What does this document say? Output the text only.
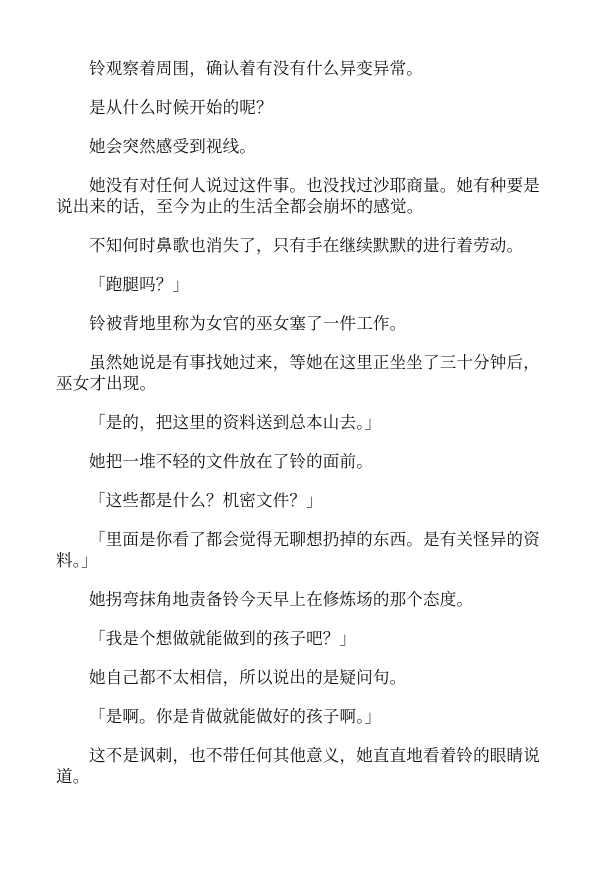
铃观察着周围，确认着有没有什么异变异常。

是从什么时候开始的呢？

她会突然感受到视线。

她没有对任何人说过这件事。也没找过沙耶商量。她有种要是说出来的话，至今为止的生活全都会崩坏的感觉。

不知何时鼻歌也消失了，只有手在继续默默的进行着劳动。

「跑腿吗？」

铃被背地里称为女官的巫女塞了一件工作。

虽然她说是有事找她过来，等她在这里正坐坐了三十分钟后，巫女才出现。

「是的，把这里的资料送到总本山去。」

她把一堆不轻的文件放在了铃的面前。

「这些都是什么？机密文件？」

「里面是你看了都会觉得无聊想扔掉的东西。是有关怪异的资料。」

她拐弯抹角地责备铃今天早上在修炼场的那个态度。

「我是个想做就能做到的孩子吧？」

她自己都不太相信，所以说出的是疑问句。

「是啊。你是肯做就能做好的孩子啊。」

这不是讽刺，也不带任何其他意义，她直直地看着铃的眼睛说道。
